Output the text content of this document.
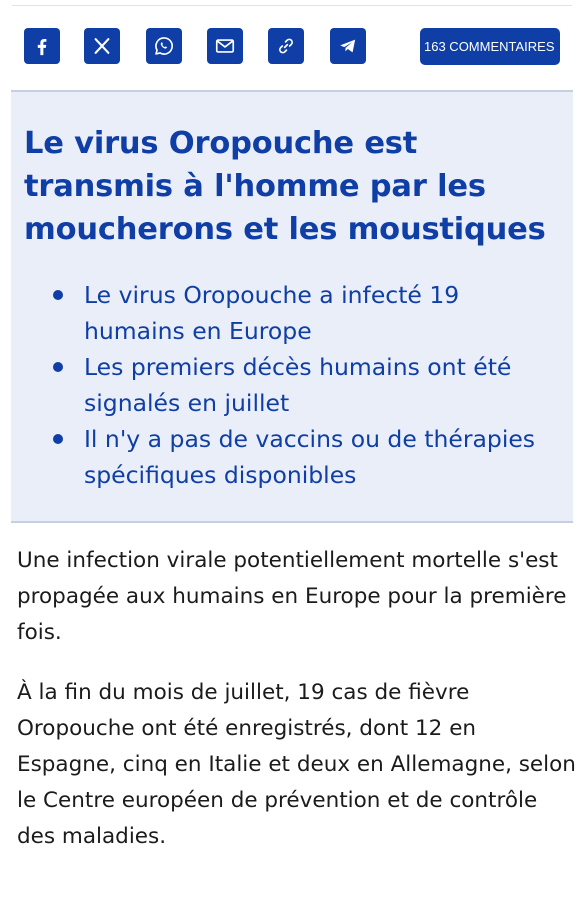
163 COMMENTAIRES
Le virus Oropouche est transmis à l'homme par les moucherons et les moustiques
Le virus Oropouche a infecté 19 humains en Europe
Les premiers décès humains ont été signalés en juillet
Il n'y a pas de vaccins ou de thérapies spécifiques disponibles

Une infection virale potentiellement mortelle s'est propagée aux humains en Europe pour la première fois.

À la fin du mois de juillet, 19 cas de fièvre Oropouche ont été enregistrés, dont 12 en Espagne, cinq en Italie et deux en Allemagne, selon le Centre européen de prévention et de contrôle des maladies.
